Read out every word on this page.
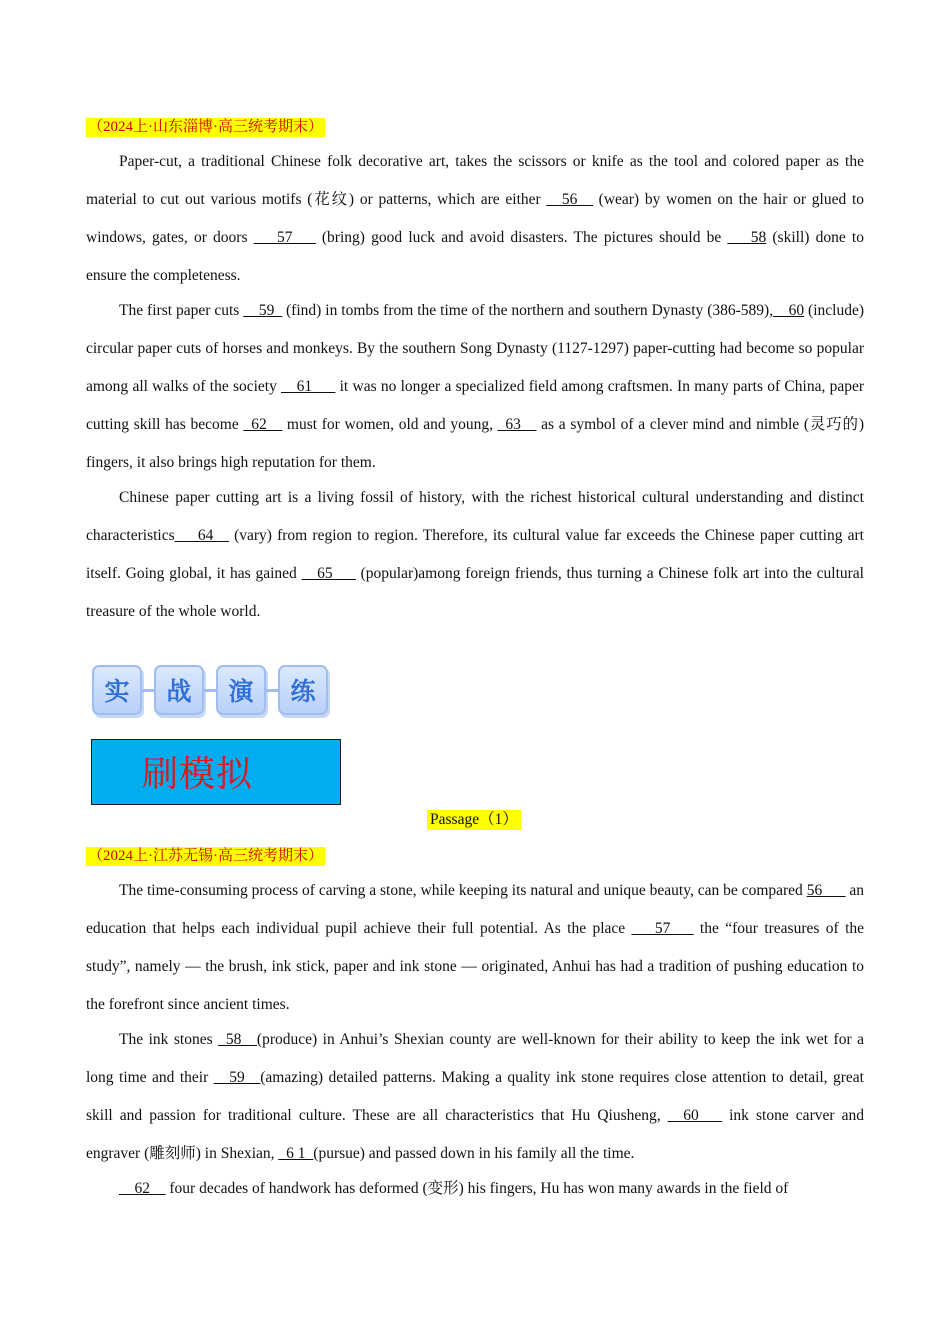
（2024上·山东淄博·高三统考期末）

Paper-cut, a traditional Chinese folk decorative art, takes the scissors or knife as the tool and colored paper as the material to cut out various motifs (花纹) or patterns, which are either __56__ (wear) by women on the hair or glued to windows, gates, or doors ___57___ (bring) good luck and avoid disasters. The pictures should be ___58 (skill) done to ensure the completeness.

The first paper cuts __59_ (find) in tombs from the time of the northern and southern Dynasty (386-589),__60 (include) circular paper cuts of horses and monkeys. By the southern Song Dynasty (1127-1297) paper-cutting had become so popular among all walks of the society __61___ it was no longer a specialized field among craftsmen. In many parts of China, paper cutting skill has become _62__ must for women, old and young, _63__ as a symbol of a clever mind and nimble (灵巧的) fingers, it also brings high reputation for them.

Chinese paper cutting art is a living fossil of history, with the richest historical cultural understanding and distinct characteristics___64__ (vary) from region to region. Therefore, its cultural value far exceeds the Chinese paper cutting art itself. Going global, it has gained __65___ (popular)among foreign friends, thus turning a Chinese folk art into the cultural treasure of the whole world.

实	战	演	练
刷模拟
Passage（1）
（2024上·江苏无锡·高三统考期末）

The time-consuming process of carving a stone, while keeping its natural and unique beauty, can be compared 56___ an education that helps each individual pupil achieve their full potential. As the place ___57___ the “four treasures of the study”, namely — the brush, ink stick, paper and ink stone — originated, Anhui has had a tradition of pushing education to the forefront since ancient times.

The ink stones _58__(produce) in Anhui’s Shexian county are well-known for their ability to keep the ink wet for a long time and their __59__(amazing) detailed patterns. Making a quality ink stone requires close attention to detail, great skill and passion for traditional culture. These are all characteristics that Hu Qiusheng, __60___ ink stone carver and engraver (雕刻师) in Shexian, _6 1_(pursue) and passed down in his family all the time.

__62__ four decades of handwork has deformed (变形) his fingers, Hu has won many awards in the field of
